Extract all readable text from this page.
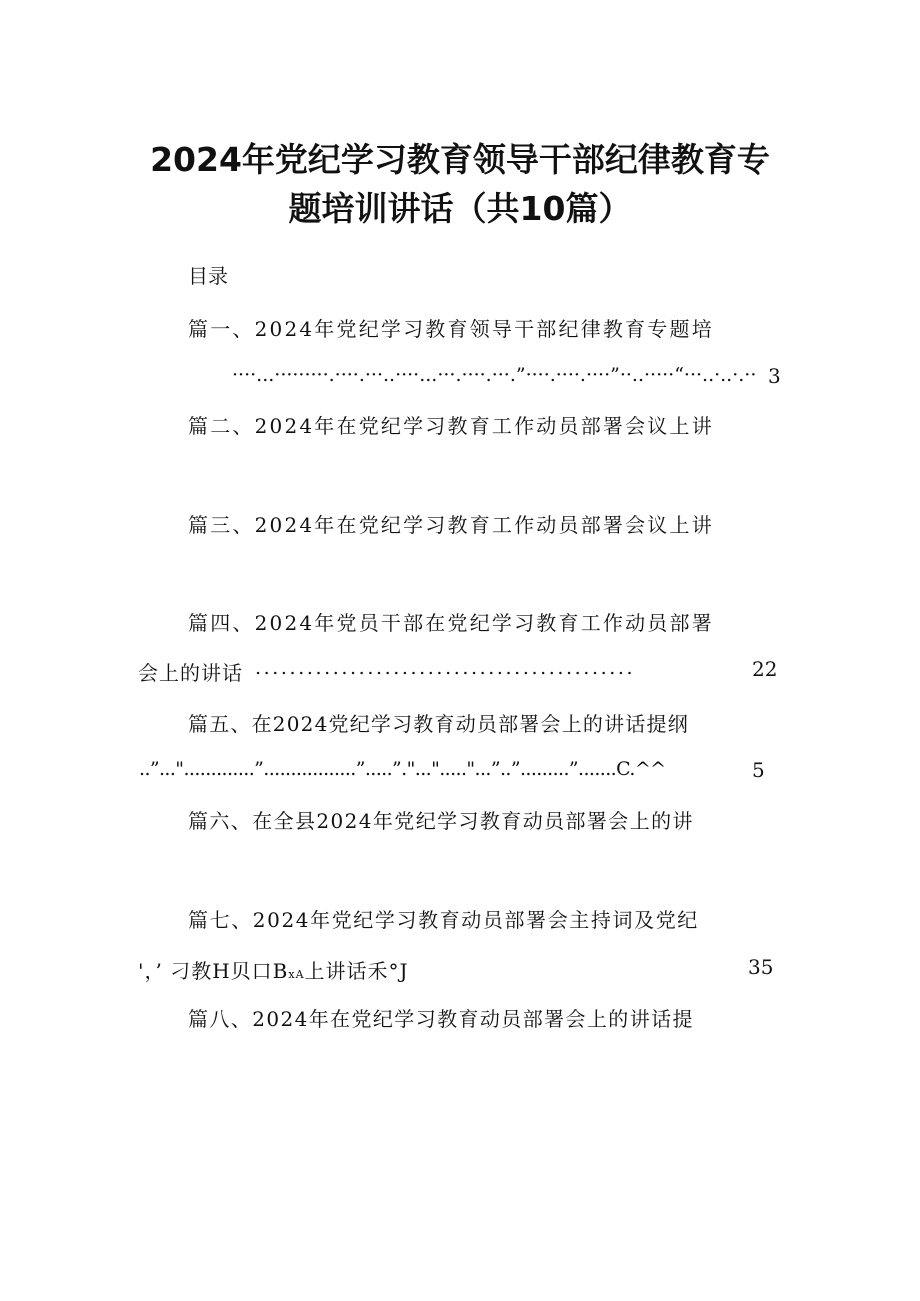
2024年党纪学习教育领导干部纪律教育专
题培训讲话（共10篇）
目录
篇一、2024年党纪学习教育领导干部纪律教育专题培
····...·········.····.···..····...···.····.···.”····.····.····”··..·····“···..·..·.·· 3
篇二、2024年在党纪学习教育工作动员部署会议上讲
篇三、2024年在党纪学习教育工作动员部署会议上讲
篇四、2024年党员干部在党纪学习教育工作动员部署
会上的讲话 ............................................	22
篇五、在2024党纪学习教育动员部署会上的讲话提纲
..”...".............”.................”.....”."..."....."...”..”.........”.......C.^^	5
篇六、在全县2024年党纪学习教育动员部署会上的讲
篇七、2024年党纪学习教育动员部署会主持词及党纪
'，’ 刁教H贝口BxA上讲话禾°J	35
篇八、2024年在党纪学习教育动员部署会上的讲话提
